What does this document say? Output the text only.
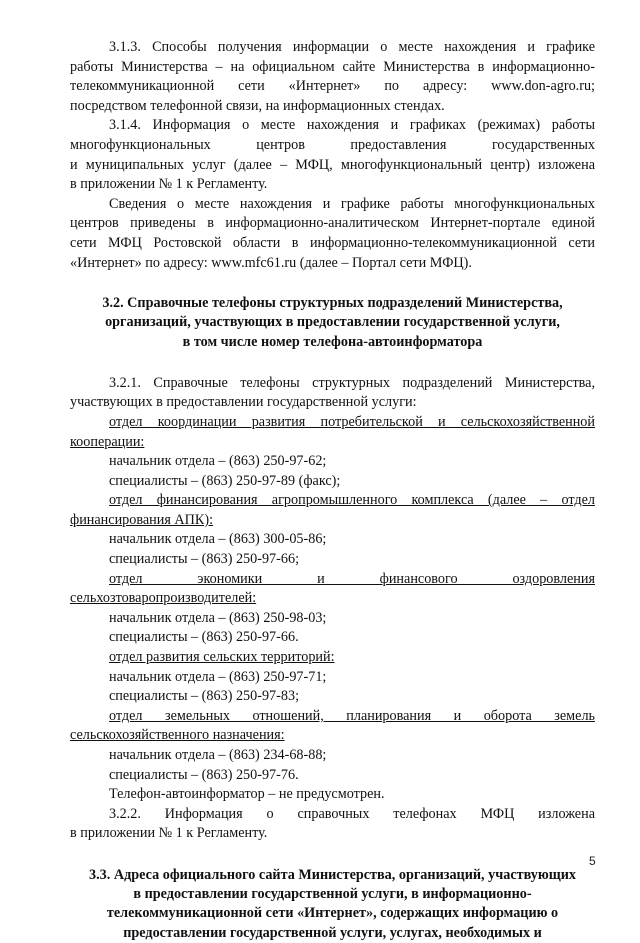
3.1.3. Способы получения информации о месте нахождения и графике

работы Министерства – на официальном сайте Министерства в информационно-

телекоммуникационной сети «Интернет» по адресу: www.don-agro.ru;

посредством телефонной связи, на информационных стендах.

3.1.4. Информация о месте нахождения и графиках (режимах) работы

многофункциональных центров предоставления государственных

и муниципальных услуг (далее – МФЦ, многофункциональный центр) изложена

в приложении № 1 к Регламенту.

Сведения о месте нахождения и графике работы многофункциональных

центров приведены в информационно-аналитическом Интернет-портале единой

сети МФЦ Ростовской области в информационно-телекоммуникационной сети

«Интернет» по адресу: www.mfc61.ru (далее – Портал сети МФЦ).

3.2. Справочные телефоны структурных подразделений Министерства,

организаций, участвующих в предоставлении государственной услуги,

в том числе номер телефона-автоинформатора

3.2.1. Справочные телефоны структурных подразделений Министерства,

участвующих в предоставлении государственной услуги:

отдел координации развития потребительской и сельскохозяйственной

кооперации:

начальник отдела – (863) 250-97-62;

специалисты – (863) 250-97-89 (факс);

отдел финансирования агропромышленного комплекса (далее – отдел

финансирования АПК):

начальник отдела – (863) 300-05-86;

специалисты – (863) 250-97-66;

отдел экономики и финансового оздоровления

сельхозтоваропроизводителей:

начальник отдела – (863) 250-98-03;

специалисты – (863) 250-97-66.

отдел развития сельских территорий:

начальник отдела – (863) 250-97-71;

специалисты – (863) 250-97-83;

отдел земельных отношений, планирования и оборота земель

сельскохозяйственного назначения:

начальник отдела – (863) 234-68-88;

специалисты – (863) 250-97-76.

Телефон-автоинформатор – не предусмотрен.

3.2.2. Информация о справочных телефонах МФЦ изложена

в приложении № 1 к Регламенту.

3.3. Адреса официального сайта Министерства, организаций, участвующих

в предоставлении государственной услуги, в информационно-

телекоммуникационной сети «Интернет», содержащих информацию о

предоставлении государственной услуги, услугах, необходимых и

5
